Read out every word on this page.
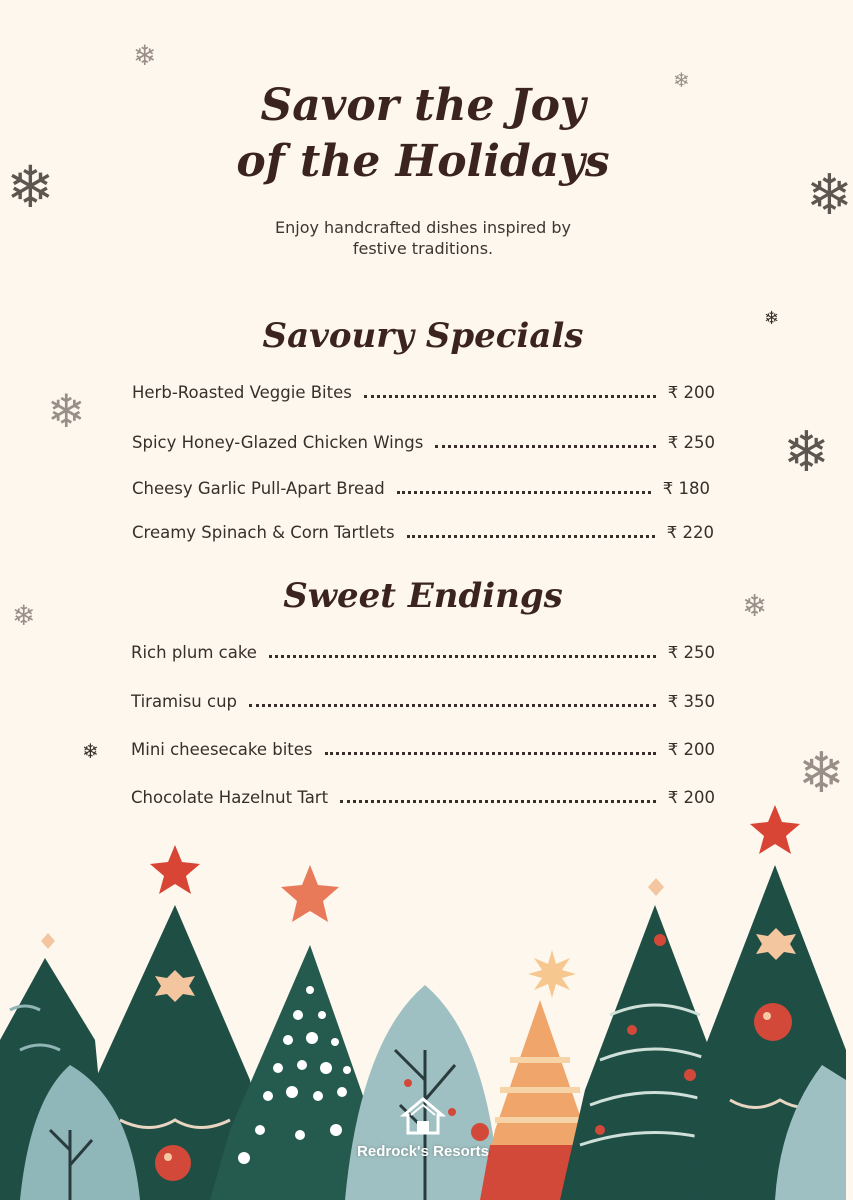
❄
❄
❄	❄
❄
❄
❄
❄	❄
❄	❄
Savor the Joy
of the Holidays

Enjoy handcrafted dishes inspired by
festive traditions.

Savoury Specials
Herb-Roasted Veggie Bites	₹ 200
Spicy Honey-Glazed Chicken Wings	₹ 250
Cheesy Garlic Pull-Apart Bread	₹ 180
Creamy Spinach & Corn Tartlets	₹ 220
Sweet Endings
Rich plum cake	₹ 250
Tiramisu cup	₹ 350
Mini cheesecake bites	₹ 200
Chocolate Hazelnut Tart	₹ 200
Redrock's Resorts
